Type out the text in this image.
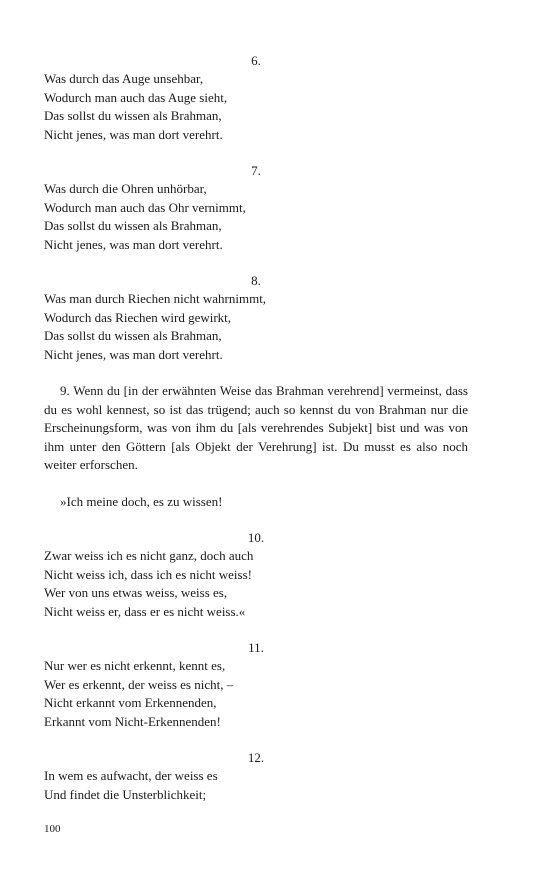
6.
Was durch das Auge unsehbar,
Wodurch man auch das Auge sieht,
Das sollst du wissen als Brahman,
Nicht jenes, was man dort verehrt.
7.
Was durch die Ohren unhörbar,
Wodurch man auch das Ohr vernimmt,
Das sollst du wissen als Brahman,
Nicht jenes, was man dort verehrt.
8.
Was man durch Riechen nicht wahrnimmt,
Wodurch das Riechen wird gewirkt,
Das sollst du wissen als Brahman,
Nicht jenes, was man dort verehrt.

9. Wenn du [in der erwähnten Weise das Brahman verehrend] vermeinst, dass du es wohl kennest, so ist das trügend; auch so kennst du von Brahman nur die Erscheinungsform, was von ihm du [als verehrendes Subjekt] bist und was von ihm unter den Göttern [als Objekt der Verehrung] ist. Du musst es also noch weiter erforschen.

»Ich meine doch, es zu wissen!

10.
Zwar weiss ich es nicht ganz, doch auch
Nicht weiss ich, dass ich es nicht weiss!
Wer von uns etwas weiss, weiss es,
Nicht weiss er, dass er es nicht weiss.«
11.
Nur wer es nicht erkennt, kennt es,
Wer es erkennt, der weiss es nicht, –
Nicht erkannt vom Erkennenden,
Erkannt vom Nicht-Erkennenden!
12.
In wem es aufwacht, der weiss es
Und findet die Unsterblichkeit;
100
